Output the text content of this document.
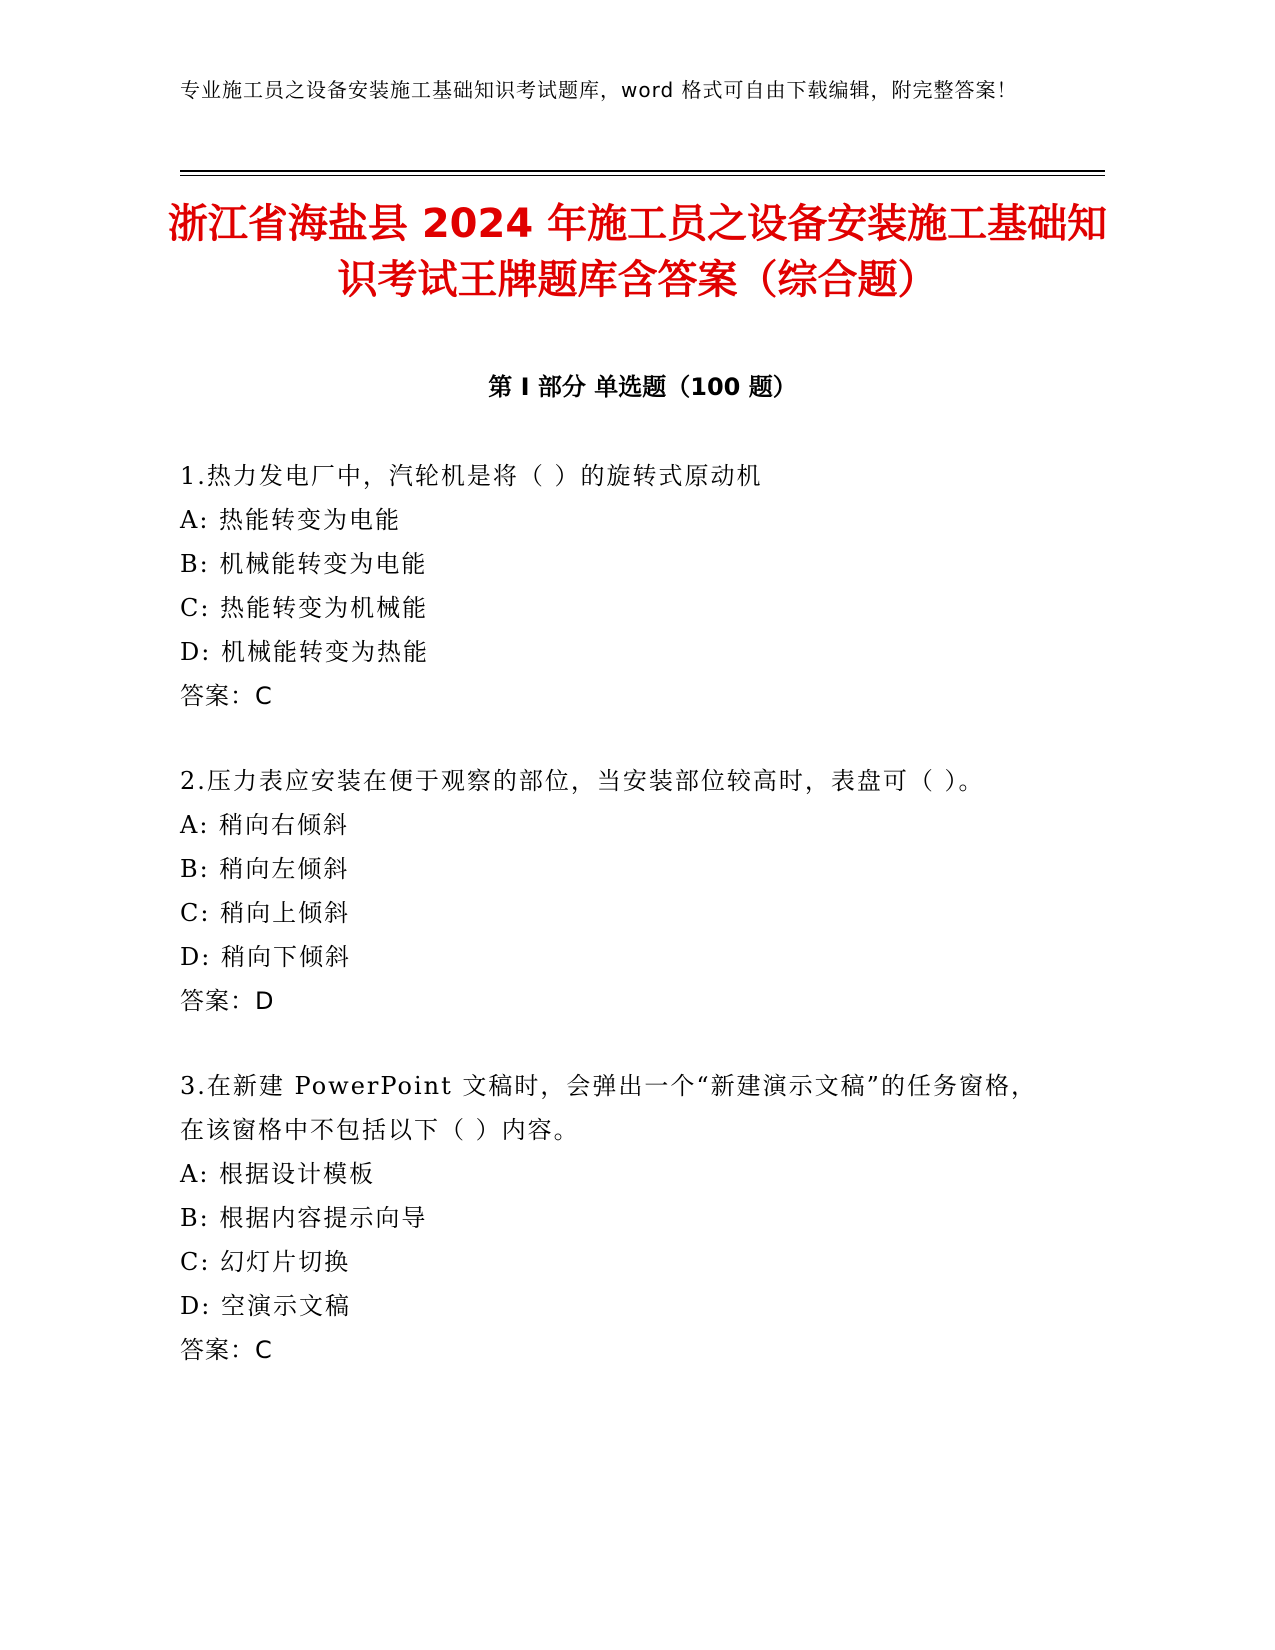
专业施工员之设备安装施工基础知识考试题库，word 格式可自由下载编辑，附完整答案！
浙江省海盐县 2024 年施工员之设备安装施工基础知识考试王牌题库含答案（综合题）
第 I 部分 单选题（100 题）

1.热力发电厂中，汽轮机是将（ ）的旋转式原动机

A: 热能转变为电能

B: 机械能转变为电能

C: 热能转变为机械能

D: 机械能转变为热能

答案：C

2.压力表应安装在便于观察的部位，当安装部位较高时，表盘可（ ）。

A: 稍向右倾斜

B: 稍向左倾斜

C: 稍向上倾斜

D: 稍向下倾斜

答案：D

3.在新建 PowerPoint 文稿时，会弹出一个“新建演示文稿”的任务窗格，在该窗格中不包括以下（ ）内容。

A: 根据设计模板

B: 根据内容提示向导

C: 幻灯片切换

D: 空演示文稿

答案：C
